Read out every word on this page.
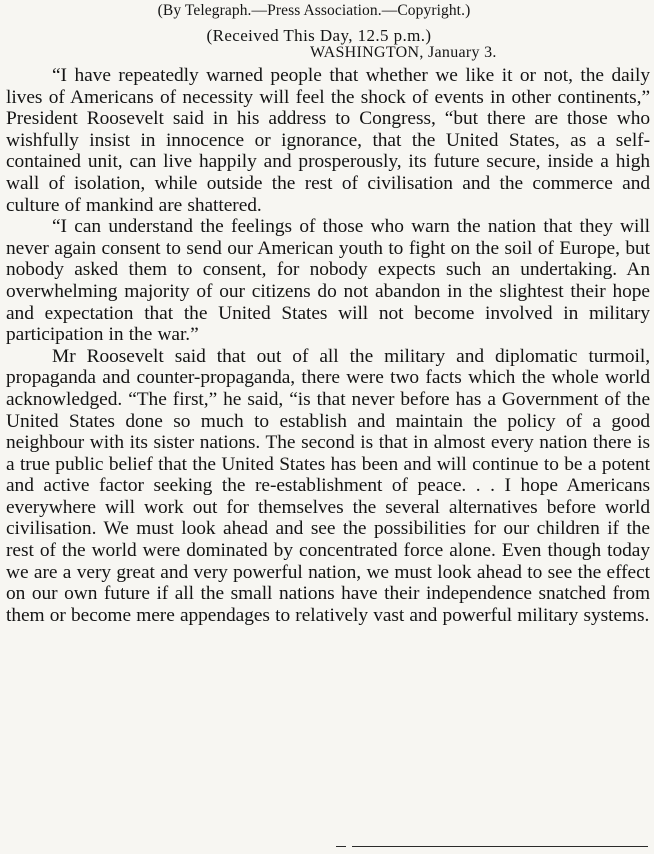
(By Telegraph.—Press Association.—Copyright.)
(Received This Day, 12.5 p.m.)
WASHINGTON, January 3.

“I have repeatedly warned people that whether we like it or not, the daily lives of Americans of necessity will feel the shock of events in other continents,” President Roosevelt said in his address to Congress, “but there are those who wishfully insist in innocence or ignorance, that the United States, as a self-contained unit, can live happily and prosperously, its future secure, inside a high wall of isolation, while outside the rest of civilisation and the commerce and culture of mankind are shattered.

“I can understand the feelings of those who warn the nation that they will never again consent to send our American youth to fight on the soil of Europe, but nobody asked them to consent, for nobody expects such an undertaking. An overwhelming majority of our citizens do not abandon in the slightest their hope and expectation that the United States will not become involved in military participation in the war.”

Mr Roosevelt said that out of all the military and diplomatic turmoil, propaganda and counter-propaganda, there were two facts which the whole world acknowledged. “The first,” he said, “is that never before has a Government of the United States done so much to establish and maintain the policy of a good neighbour with its sister nations. The second is that in almost every nation there is a true public belief that the United States has been and will continue to be a potent and active factor seeking the re-establishment of peace. . . I hope Americans everywhere will work out for themselves the several alternatives before world civilisation. We must look ahead and see the possibilities for our children if the rest of the world were dominated by concentrated force alone. Even though today we are a very great and very powerful nation, we must look ahead to see the effect on our own future if all the small nations have their independence snatched from them or become mere appendages to relatively vast and powerful military systems.
